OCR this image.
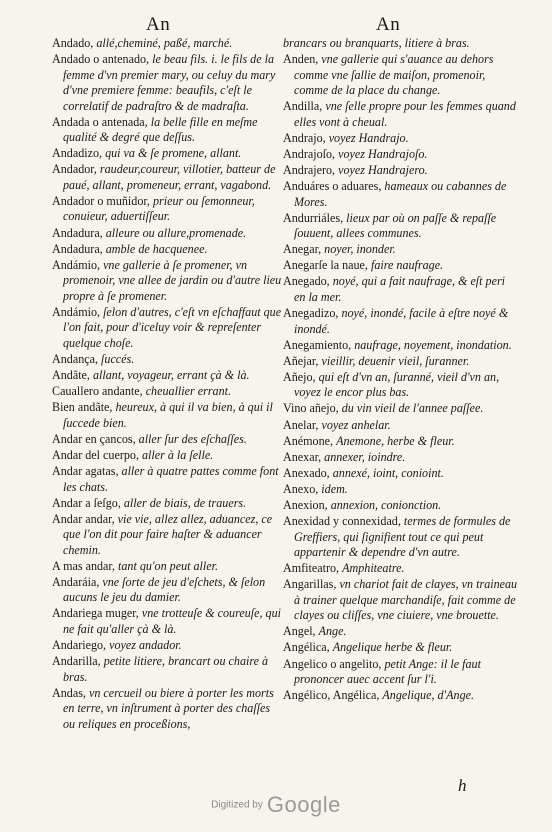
An	An
Andado, allé,cheminé, paßé, marché.
Andado o antenado, le beau fils. i. le fils de la femme d'vn premier mary, ou celuy du mary d'vne premiere femme: beaufils, c'eſt le correlatif de padraſtro & de madraſta.
Andada o antenada, la belle fille en meſme qualité & degré que deſſus.
Andadizo, qui va & ſe promene, allant.
Andador, raudeur,coureur, villotier, batteur de paué, allant, promeneur, errant, vagabond.
Andador o muñidor, prieur ou ſemonneur, conuieur, aduertiſſeur.
Andadura, alleure ou allure,promenade.
Andadura, amble de hacquenee.
Andámio, vne gallerie à ſe promener, vn promenoir, vne allee de jardin ou d'autre lieu propre à ſe promener.
Andámio, ſelon d'autres, c'eſt vn eſchaffaut que l'on fait, pour d'iceluy voir & repreſenter quelque choſe.
Andança, ſuccés.
Andãte, allant, voyageur, errant çà & là.
Cauallero andante, cheuallier errant.
Bien andãte, heureux, à qui il va bien, à qui il ſuccede bien.
Andar en çancos, aller ſur des eſchaſſes.
Andar del cuerpo, aller à la ſelle.
Andar agatas, aller à quatre pattes comme font les chats.
Andar a ſeſgo, aller de biais, de trauers.
Andar andar, vie vie, allez allez, aduancez, ce que l'on dit pour faire haſter & aduancer chemin.
A mas andar, tant qu'on peut aller.
Andaráia, vne ſorte de jeu d'eſchets, & ſelon aucuns le jeu du damier.
Andariega muger, vne trotteuſe & coureuſe, qui ne fait qu'aller çà & là.
Andariego, voyez andador.
Andarilla, petite litiere, brancart ou chaire à bras.
Andas, vn cercueil ou biere à porter les morts en terre, vn inſtrument à porter des chaſſes ou reliques en proceßions,
brancars ou branquarts, litiere à bras.
Anden, vne gallerie qui s'auance au dehors comme vne ſallie de maiſon, promenoir, comme de la place du change.
Andilla, vne ſelle propre pour les femmes quand elles vont à cheual.
Andrajo, voyez Handrajo.
Andrajoſo, voyez Handrajoſo.
Andrajero, voyez Handrajero.
Anduáres o aduares, hameaux ou cabannes de Mores.
Andurriáles, lieux par où on paſſe & repaſſe ſouuent, allees communes.
Anegar, noyer, inonder.
Anegarſe la naue, faire naufrage.
Anegado, noyé, qui a fait naufrage, & eſt peri en la mer.
Anegadizo, noyé, inondé, facile à eſtre noyé & inondé.
Anegamiento, naufrage, noyement, inondation.
Añejar, vieillir, deuenir vieil, ſuranner.
Añejo, qui eſt d'vn an, ſuranné, vieil d'vn an, voyez le encor plus bas.
Vino añejo, du vin vieil de l'annee paſſee.
Anelar, voyez anhelar.
Anémone, Anemone, herbe & fleur.
Anexar, annexer, ioindre.
Anexado, annexé, ioint, conioint.
Anexo, idem.
Anexion, annexion, conionction.
Anexidad y connexidad, termes de formules de Greffiers, qui ſignifient tout ce qui peut appartenir & dependre d'vn autre.
Amfiteatro, Amphiteatre.
Angarillas, vn chariot fait de clayes, vn traineau à trainer quelque marchandiſe, fait comme de clayes ou cliſſes, vne ciuiere, vne brouette.
Angel, Ange.
Angélica, Angelique herbe & fleur.
Angelico o angelito, petit Ange: il le faut prononcer auec accent ſur l'i.
Angélico, Angélica, Angelique, d'Ange.
h
Digitized by Google
